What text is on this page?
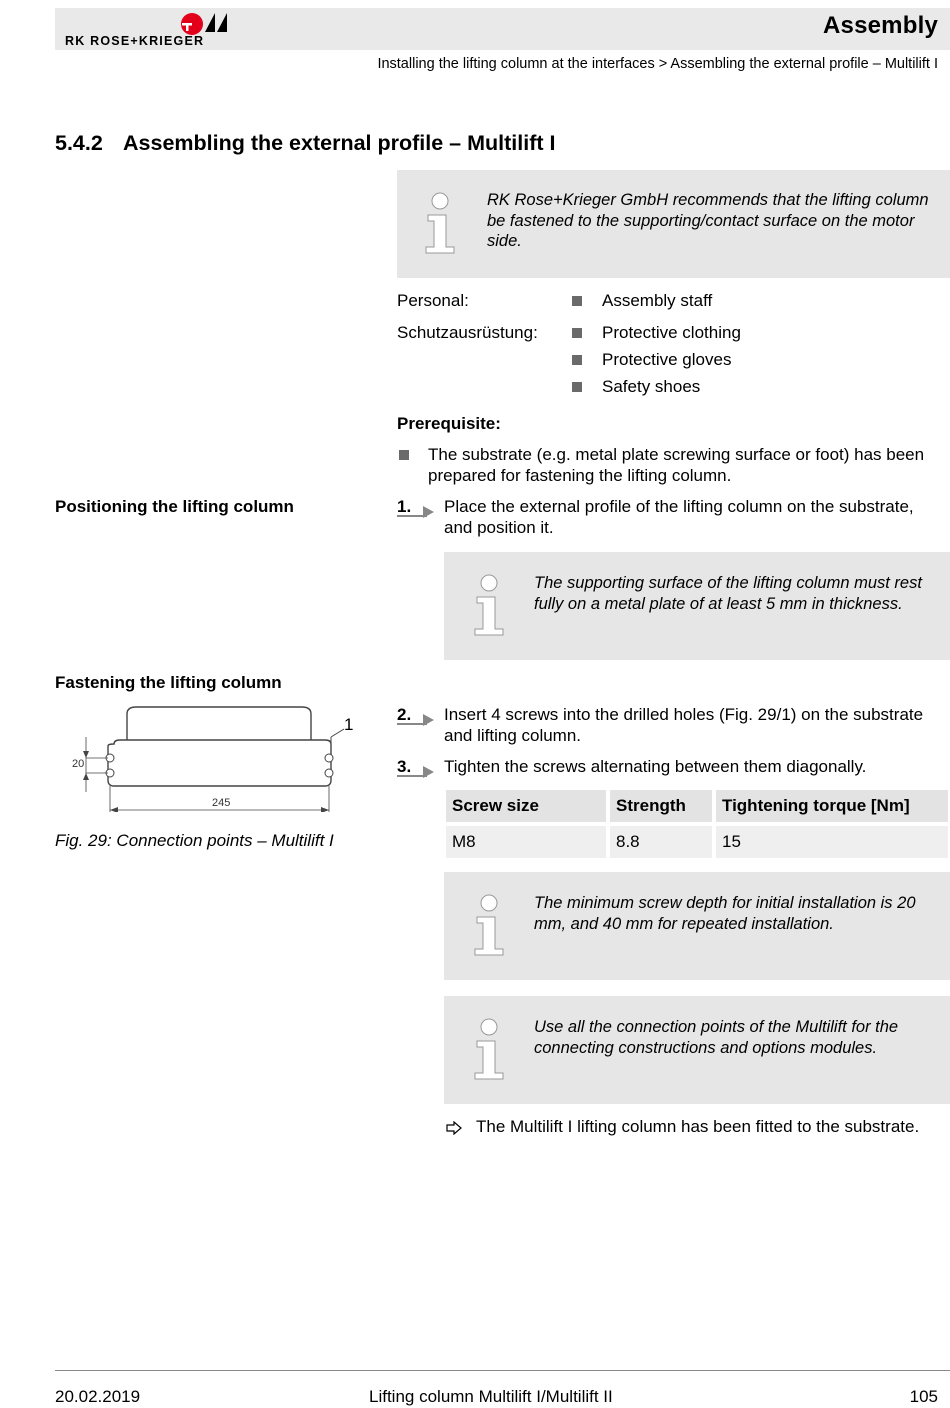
RK ROSE+KRIEGER
Assembly
Installing the lifting column at the interfaces > Assembling the external profile – Multilift I
5.4.2 Assembling the external profile – Multilift I
RK Rose+Krieger GmbH recommends that the lifting column be fastened to the supporting/contact surface on the motor side.
Personal:	Assembly staff
Schutzausrüstung:	Protective clothing
Protective gloves
Safety shoes
Prerequisite:
The substrate (e.g. metal plate screwing surface or foot) has been prepared for fastening the lifting column.
Positioning the lifting column	1. Place the external profile of the lifting column on the substrate, and position it.
The supporting surface of the lifting column must rest fully on a metal plate of at least 5 mm in thickness.
Fastening the lifting column
1
20
245
Fig. 29: Connection points – Multilift I
2. Insert 4 screws into the drilled holes (Fig. 29/1) on the substrate and lifting column.
3. Tighten the screws alternating between them diagonally.
Screw size	Strength	Tightening torque [Nm]
M8	8.8	15
The minimum screw depth for initial installation is 20 mm, and 40 mm for repeated installation.
Use all the connection points of the Multilift for the connecting constructions and options modules.
The Multilift I lifting column has been fitted to the substrate.
20.02.2019	Lifting column Multilift I/Multilift II	105
